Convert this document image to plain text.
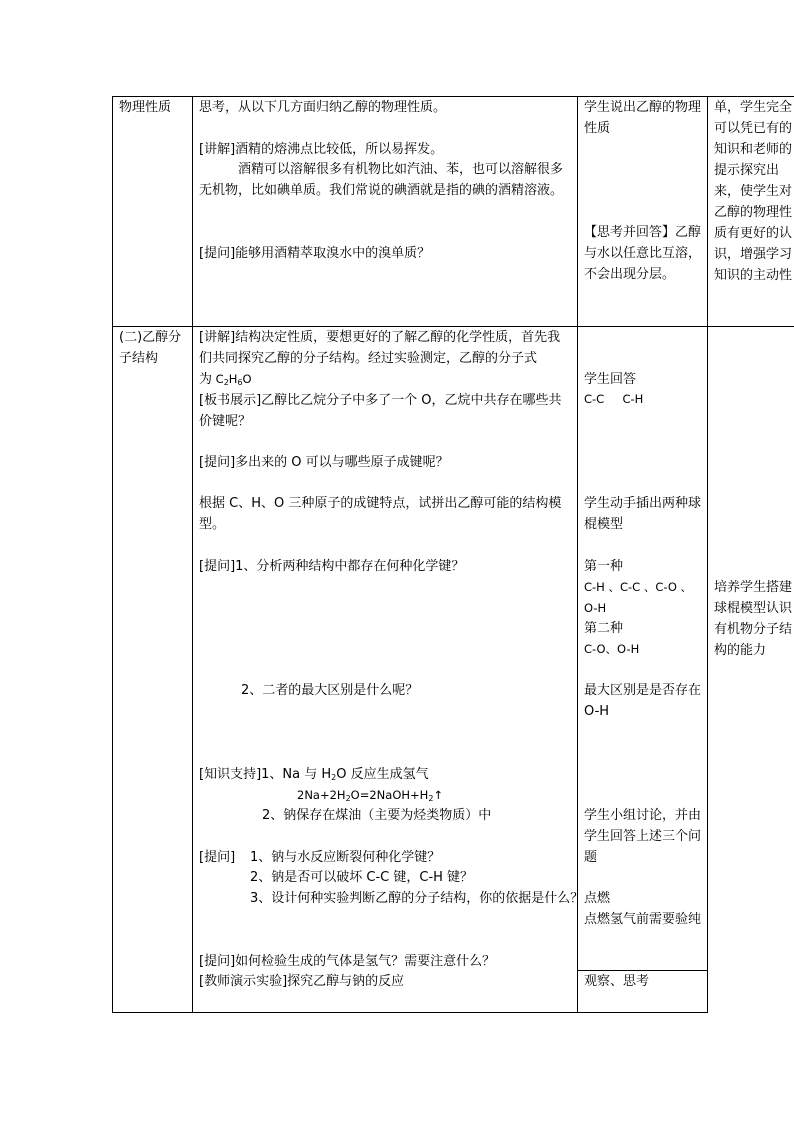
物理性质 思考，从以下几方面归纳乙醇的物理性质。
[讲解]酒精的熔沸点比较低，所以易挥发。
酒精可以溶解很多有机物比如汽油、苯，也可以溶解很多无机物，比如碘单质。我们常说的碘酒就是指的碘的酒精溶液。
[提问]能够用酒精萃取溴水中的溴单质？
学生说出乙醇的物理性质
【思考并回答】乙醇与水以任意比互溶，不会出现分层。
单，学生完全可以凭已有的知识和老师的提示探究出来，使学生对乙醇的物理性质有更好的认识，增强学习知识的主动性
(二)乙醇分子结构
[讲解]结构决定性质，要想更好的了解乙醇的化学性质，首先我们共同探究乙醇的分子结构。经过实验测定，乙醇的分子式为 $C_2H_6O$
[板书展示]乙醇比乙烷分子中多了一个 O，乙烷中共存在哪些共价键呢？
[提问]多出来的 O 可以与哪些原子成键呢？
根据 C、H、O 三种原子的成键特点，试拼出乙醇可能的结构模型。
[提问]1、分析两种结构中都存在何种化学键？
2、二者的最大区别是什么呢？
[知识支持]1、Na 与 $H_2O$ 反应生成氢气
$2Na+2H_2O=2NaOH+H_2↑$
2、钠保存在煤油（主要为烃类物质）中
[提问] 1、钠与水反应断裂何种化学键？
2、钠是否可以破坏 C-C 键，C-H 键？
3、设计何种实验判断乙醇的分子结构，你的依据是什么？
[提问]如何检验生成的气体是氢气？需要注意什么？
[教师演示实验]探究乙醇与钠的反应
学生回答
C-C     C-H
学生动手插出两种球棍模型
第一种
C-H 、C-C 、C-O 、O-H
第二种
C-O、O-H
最大区别是是否存在 O-H
学生小组讨论，并由学生回答上述三个问题
点燃
点燃氢气前需要验纯
观察、思考
培养学生搭建球棍模型认识有机物分子结构的能力
